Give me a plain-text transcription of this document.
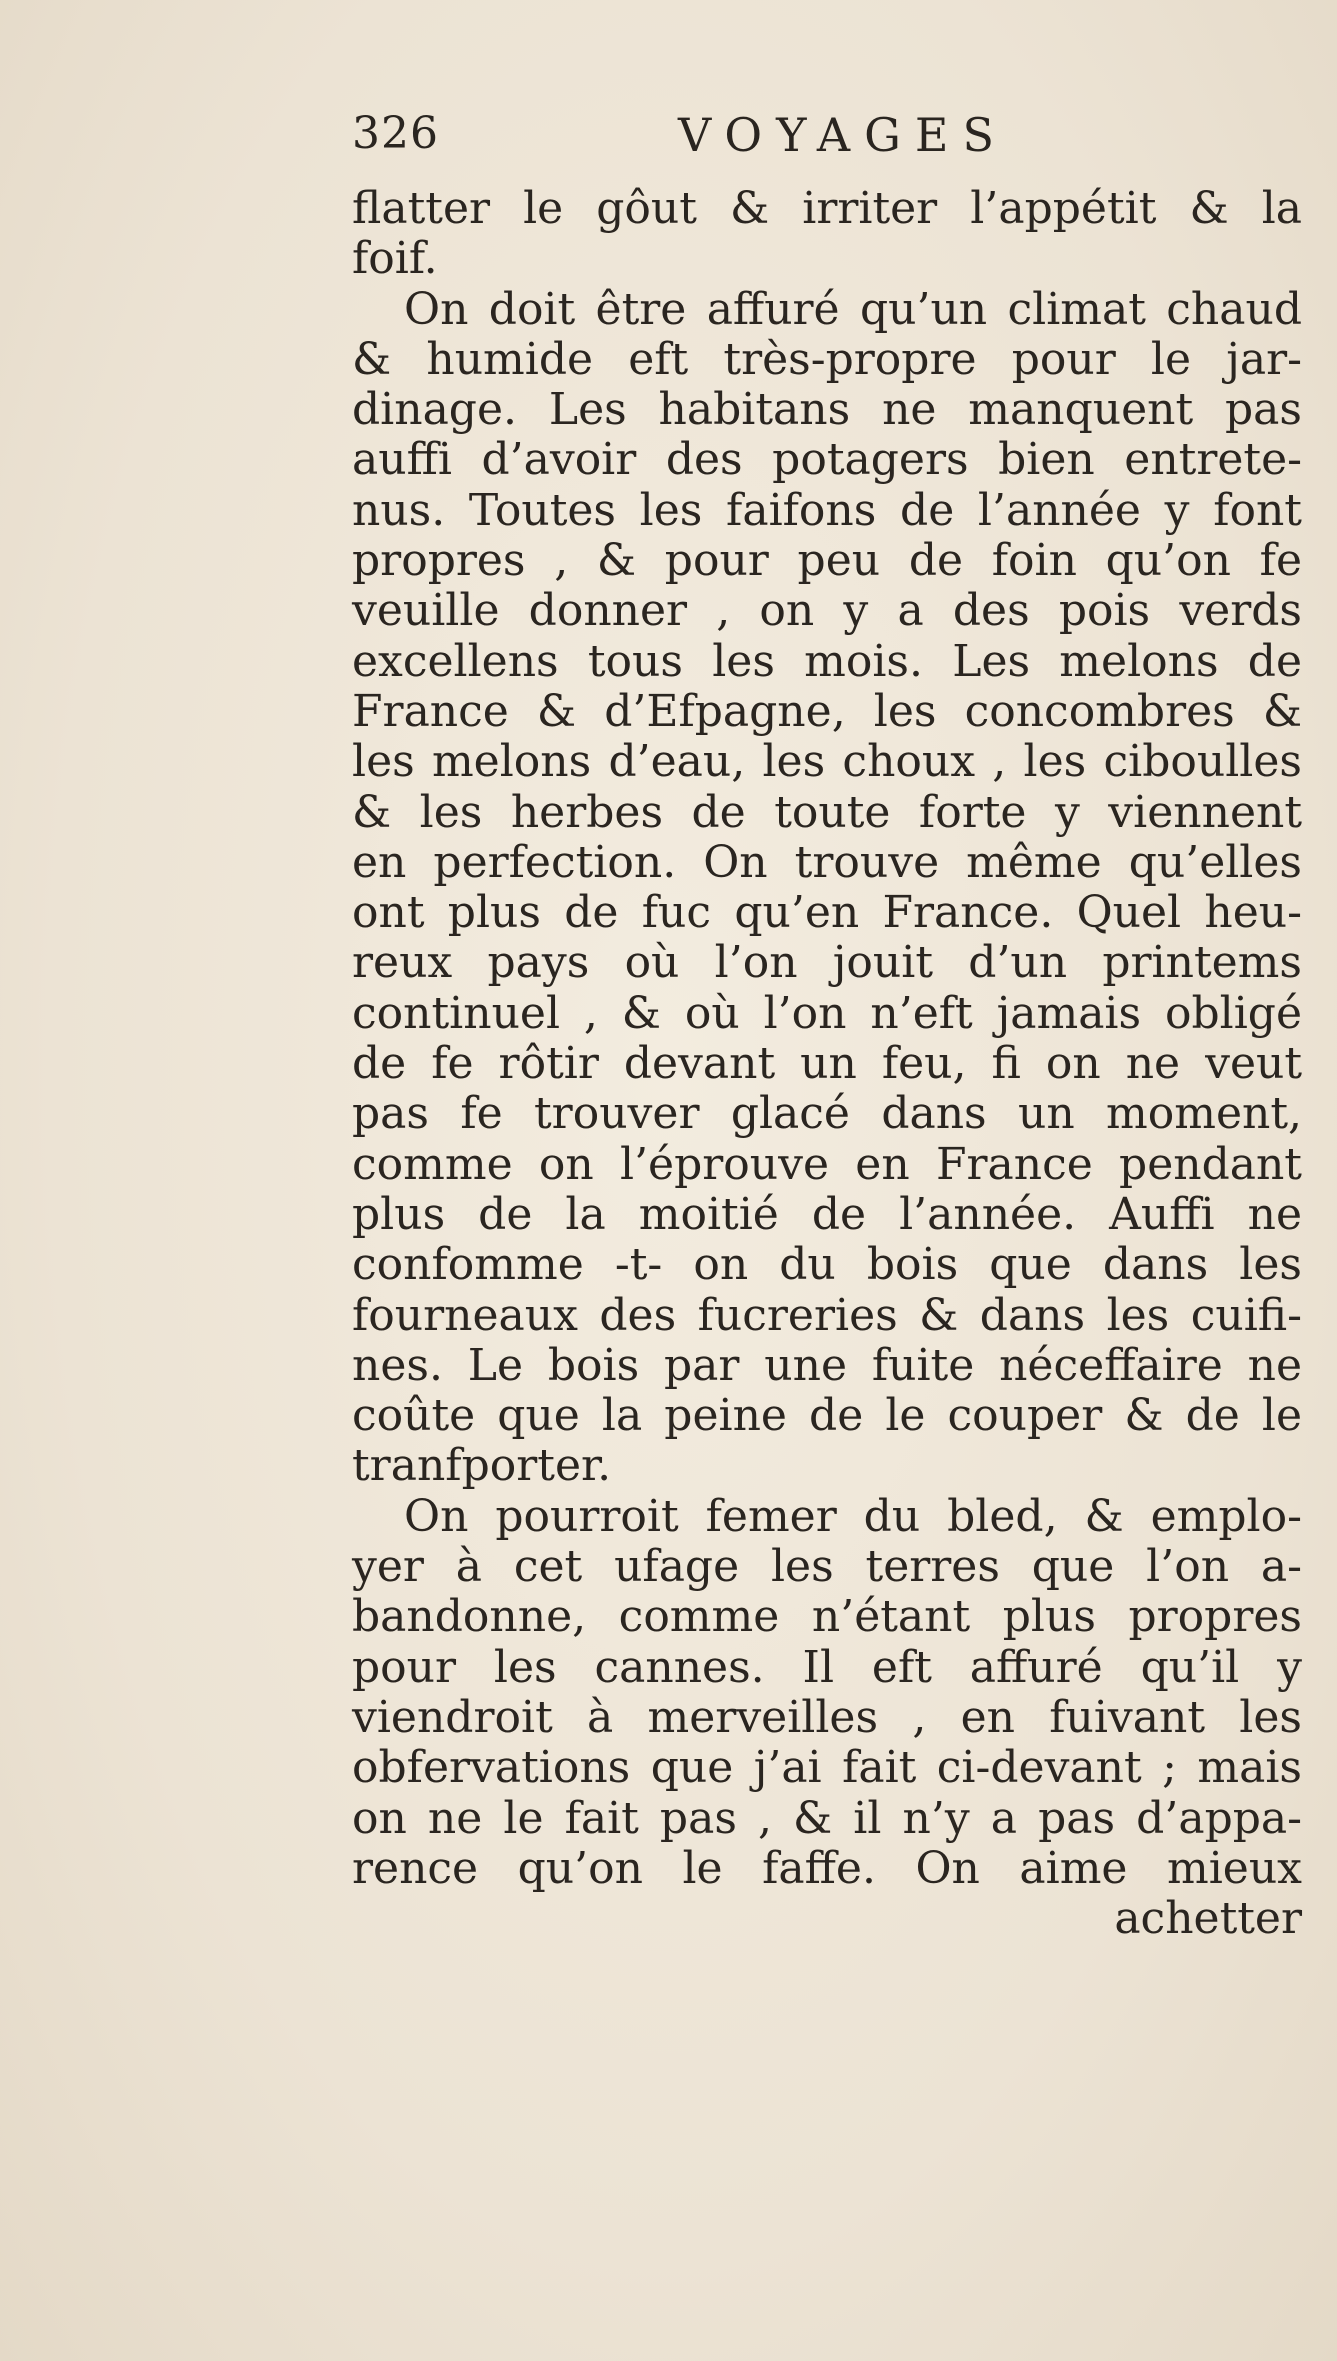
326	VOYAGES
flatter le gôut & irriter l’appétit & la
foif.
On doit être affuré qu’un climat chaud
& humide eft très-propre pour le jar-
dinage. Les habitans ne manquent pas
auffi d’avoir des potagers bien entrete-
nus. Toutes les faifons de l’année y font
propres , & pour peu de foin qu’on fe
veuille donner , on y a des pois verds
excellens tous les mois. Les melons de
France & d’Efpagne, les concombres &
les melons d’eau, les choux , les ciboulles
& les herbes de toute forte y viennent
en perfection. On trouve même qu’elles
ont plus de fuc qu’en France. Quel heu-
reux pays où l’on jouit d’un printems
continuel , & où l’on n’eft jamais obligé
de fe rôtir devant un feu, fi on ne veut
pas fe trouver glacé dans un moment,
comme on l’éprouve en France pendant
plus de la moitié de l’année. Auffi ne
confomme -t- on du bois que dans les
fourneaux des fucreries & dans les cuifi-
nes. Le bois par une fuite néceffaire ne
coûte que la peine de le couper & de le
tranfporter.
On pourroit femer du bled, & emplo-
yer à cet ufage les terres que l’on a-
bandonne, comme n’étant plus propres
pour les cannes. Il eft affuré qu’il y
viendroit à merveilles , en fuivant les
obfervations que j’ai fait ci-devant ; mais
on ne le fait pas , & il n’y a pas d’appa-
rence qu’on le faffe. On aime mieux
achetter
